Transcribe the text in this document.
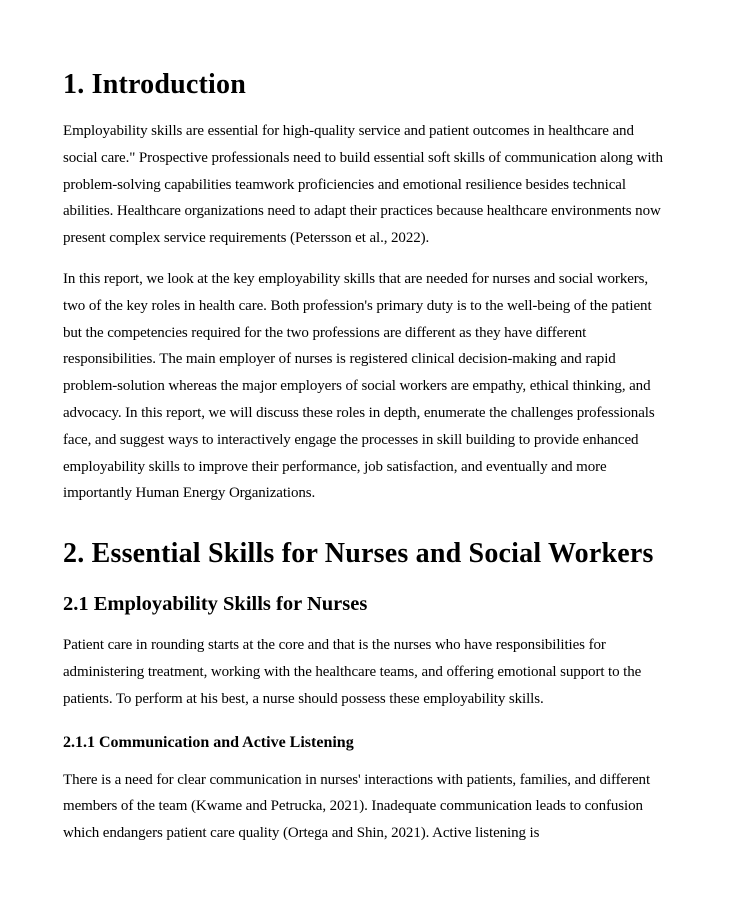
1. Introduction

Employability skills are essential for high-quality service and patient outcomes in healthcare and social care." Prospective professionals need to build essential soft skills of communication along with problem-solving capabilities teamwork proficiencies and emotional resilience besides technical abilities. Healthcare organizations need to adapt their practices because healthcare environments now present complex service requirements (Petersson et al., 2022).

In this report, we look at the key employability skills that are needed for nurses and social workers, two of the key roles in health care. Both profession's primary duty is to the well-being of the patient but the competencies required for the two professions are different as they have different responsibilities. The main employer of nurses is registered clinical decision-making and rapid problem-solution whereas the major employers of social workers are empathy, ethical thinking, and advocacy. In this report, we will discuss these roles in depth, enumerate the challenges professionals face, and suggest ways to interactively engage the processes in skill building to provide enhanced employability skills to improve their performance, job satisfaction, and eventually and more importantly Human Energy Organizations.

2. Essential Skills for Nurses and Social Workers
2.1 Employability Skills for Nurses

Patient care in rounding starts at the core and that is the nurses who have responsibilities for administering treatment, working with the healthcare teams, and offering emotional support to the patients. To perform at his best, a nurse should possess these employability skills.

2.1.1 Communication and Active Listening

There is a need for clear communication in nurses' interactions with patients, families, and different members of the team (Kwame and Petrucka, 2021). Inadequate communication leads to confusion which endangers patient care quality (Ortega and Shin, 2021). Active listening is
